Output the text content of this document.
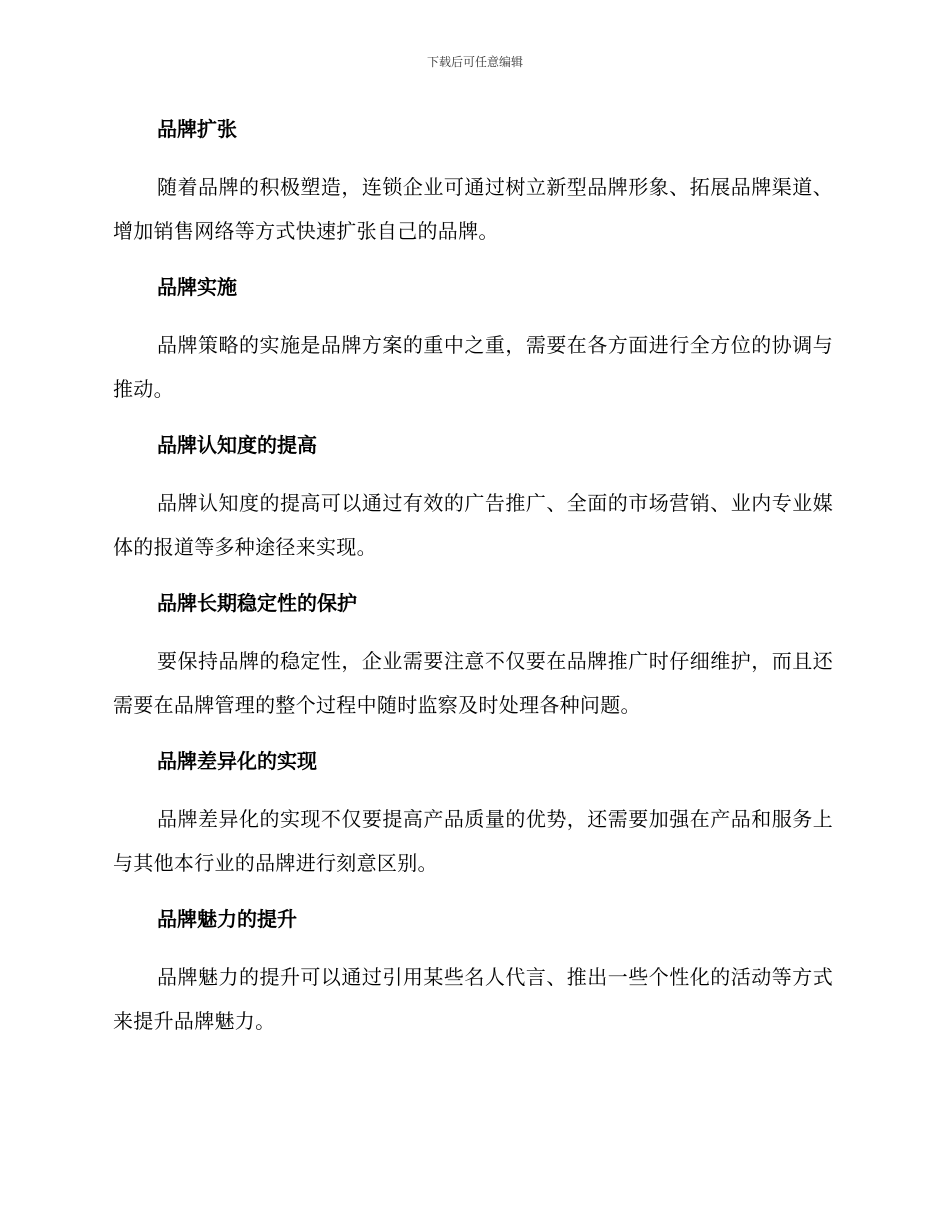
下载后可任意编辑
品牌扩张

随着品牌的积极塑造，连锁企业可通过树立新型品牌形象、拓展品牌渠道、增加销售网络等方式快速扩张自己的品牌。

品牌实施

品牌策略的实施是品牌方案的重中之重，需要在各方面进行全方位的协调与推动。

品牌认知度的提高

品牌认知度的提高可以通过有效的广告推广、全面的市场营销、业内专业媒体的报道等多种途径来实现。

品牌长期稳定性的保护

要保持品牌的稳定性，企业需要注意不仅要在品牌推广时仔细维护，而且还需要在品牌管理的整个过程中随时监察及时处理各种问题。

品牌差异化的实现

品牌差异化的实现不仅要提高产品质量的优势，还需要加强在产品和服务上与其他本行业的品牌进行刻意区别。

品牌魅力的提升

品牌魅力的提升可以通过引用某些名人代言、推出一些个性化的活动等方式来提升品牌魅力。
